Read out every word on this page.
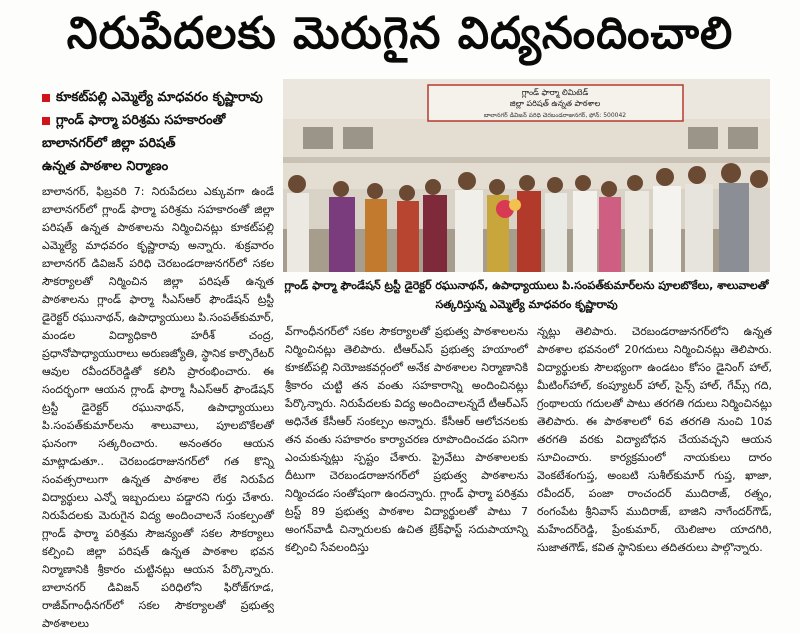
నిరుపేదలకు మెరుగైన విద్యనందించాలి
కూకట్‌పల్లి ఎమ్మెల్యే మాధవరం కృష్ణారావు
గ్లాండ్ ఫార్మా పరిశ్రమ సహకారంతో
బాలానగర్‌లో జిల్లా పరిషత్
ఉన్నత పాఠశాల నిర్మాణం
గ్లాండ్ ఫార్మా లిమిటెడ్
జిల్లా పరిషత్ ఉన్నత పాఠశాల
బాలానగర్ డివిజన్ పరిధి చెరబండరాజునగర్, ఫోన్: 500042
గ్లాండ్ ఫార్మా ఫౌండేషన్ ట్రస్టీ డైరెక్టర్ రఘునాథన్, ఉపాధ్యాయులు పి.సంపత్‌కుమార్‌లను పూలబొకేలు, శాలువాలతో సత్కరిస్తున్న ఎమ్మెల్యే మాధవరం కృష్ణారావు

బాలానగర్, ఫిబ్రవరి 7: నిరుపేదలు ఎక్కువగా ఉండే బాలానగర్‌లో గ్లాండ్ ఫార్మా పరిశ్రమ సహకారంతో జిల్లా పరిషత్ ఉన్నత పాఠశాలను నిర్మించినట్లు కూకట్‌పల్లి ఎమ్మెల్యే మాధవరం కృష్ణారావు అన్నారు. శుక్రవారం బాలానగర్ డివిజన్ పరిధి చెరబండరాజునగర్‌లో సకల సౌకర్యాలతో నిర్మించిన జిల్లా పరిషత్ ఉన్నత పాఠశాలను గ్లాండ్ ఫార్మా సీఎస్‌ఆర్ ఫౌండేషన్ ట్రస్టీ డైరెక్టర్ రఘునాథన్, ఉపాధ్యాయులు పి.సంపత్‌కుమార్, మండల విద్యాధికారి హరీశ్ చంద్ర, ప్రధానోపాధ్యాయురాలు అరుణజ్యోతి, స్థానిక కార్పొరేటర్ ఆవుల రవీందర్‌రెడ్డితో కలిసి ప్రారంభించారు. ఈ సందర్భంగా ఆయన గ్లాండ్ ఫార్మా సీఎస్‌ఆర్ ఫౌండేషన్ ట్రస్టీ డైరెక్టర్ రఘునాథన్, ఉపాధ్యాయులు పి.సంపత్‌కుమార్‌లను శాలువాలు, పూలబొకేలతో ఘనంగా సత్కరించారు. అనంతరం ఆయన మాట్లాడుతూ.. చెరబండరాజునగర్‌లో గత కొన్ని సంవత్సరాలుగా ఉన్నత పాఠశాల లేక నిరుపేద విద్యార్థులు ఎన్నో ఇబ్బందులు పడ్డారని గుర్తు చేశారు. నిరుపేదలకు మెరుగైన విద్య అందించాలనే సంకల్పంతో గ్లాండ్ ఫార్మా పరిశ్రమ సౌజన్యంతో సకల సౌకర్యాలు కల్పించి జిల్లా పరిషత్ ఉన్నత పాఠశాల భవన నిర్మాణానికి శ్రీకారం చుట్టినట్లు ఆయన పేర్కొన్నారు. బాలానగర్ డివిజన్ పరిధిలోని ఫిరోజ్‌గూడ, రాజీవ్‌గాంధీనగర్‌లో సకల సౌకర్యాలతో ప్రభుత్వ పాఠశాలలు

వ్‌గాంధీనగర్‌లో సకల సౌకర్యాలతో ప్రభుత్వ పాఠశాలలను నిర్మించినట్లు తెలిపారు. టీఆర్ఎస్ ప్రభుత్వ హయాంలో కూకట్‌పల్లి నియోజకవర్గంలో అనేక పాఠశాలల నిర్మాణానికి శ్రీకారం చుట్టి తన వంతు సహకారాన్ని అందించినట్లు పేర్కొన్నారు. నిరుపేదలకు విద్య అందించాలన్నదే టీఆర్ఎస్ అధినేత కేసీఆర్ సంకల్పం అన్నారు. కేసీఆర్ ఆలోచనలకు తన వంతు సహకారం కార్యాచరణ రూపొందించడం పనిగా ఎంచుకున్నట్లు స్పష్టం చేశారు. ప్రైవేటు పాఠశాలలకు దీటుగా చెరబండరాజునగర్‌లో ప్రభుత్వ పాఠశాలను నిర్మించడం సంతోషంగా ఉందన్నారు. గ్లాండ్ ఫార్మా పరిశ్రమ ట్రస్ట్ 89 ప్రభుత్వ పాఠశాల విద్యార్థులతో పాటు 7 అంగన్‌వాడీ చిన్నారులకు ఉచిత బ్రేక్‌ఫాస్ట్ సదుపాయాన్ని కల్పించి సేవలందిస్తు

న్నట్లు తెలిపారు. చెరబండరాజునగర్‌లోని ఉన్నత పాఠశాల భవనంలో 20గదులు నిర్మించినట్లు తెలిపారు. విద్యార్థులకు సౌలభ్యంగా ఉండటం కోసం డైనింగ్ హాల్, మీటింగ్‌హాల్, కంప్యూటర్ హాల్, సైన్స్ హాల్, గేమ్స్ గది, గ్రంథాలయ గదులతో పాటు తరగతి గదులు నిర్మించినట్లు తెలిపారు. ఈ పాఠశాలలో 6వ తరగతి నుంచి 10వ తరగతి వరకు విద్యాబోధన చేయవచ్చని ఆయన సూచించారు. కార్యక్రమంలో నాయకులు దారం వెంకటేశంగుప్త, అంబటి సుశీల్‌కుమార్ గుప్త, ఖాజా, రవీందర్, పంజా రాంచందర్ ముదిరాజ్, రత్నం, రంగంపేట శ్రీనివాస్ ముదిరాజ్, బాజిని నాగేందర్‌గౌడ్, మహేందర్‌రెడ్డి, ప్రేంకుమార్, యెలిజాల యాదగిరి, సుజాతగౌడ్, కవిత స్థానికులు తదితరులు పాల్గొన్నారు.
